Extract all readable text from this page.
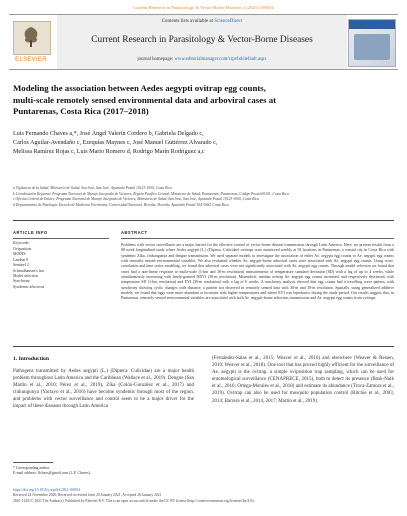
Current Research in Parasitology & Vector-Borne Diseases 1 (2021) 100014
ELSEVIER
Contents lists available at ScienceDirect
Current Research in Parasitology & Vector-Borne Diseases
journal homepage: www.editorialmanager.com/crpvbd/default.aspx
Modeling the association between Aedes aegypti ovitrap egg counts,
multi-scale remotely sensed environmental data and arboviral cases at
Puntarenas, Costa Rica (2017–2018)
Luis Fernando Chaves a,*, José Ángel Valerín Cordero b, Gabriela Delgado c,
Carlos Aguilar-Avendaño c, Ezequías Maynes c, José Manuel Gutiérrez Alvarado c,
Melissa Ramírez Rojas c, Luis Mario Romero d, Rodrigo Marín Rodríguez a,c
a Vigilancia de la Salud, Ministerio de Salud, San José, San José, Apartado Postal 10123-1000, Costa Rica
b Coordinación Regional, Programa Nacional de Manejo Integrado de Vectores, Región Pacífico Central, Ministerio de Salud, Puntarenas, Puntarenas, Código Postal 60101, Costa Rica
c Oficina Central de Enlace, Programa Nacional de Manejo Integrado de Vectores, Ministerio de Salud, San José, San José, Apartado Postal 10123-1000, Costa Rica
d Departamento de Patología, Escuela de Medicina Veterinaria, Universidad Nacional, Heredia, Heredia, Apartado Postal 304-3000, Costa Rica
ARTICLE INFO
Keywords:
Oviposition
MODIS
Landsat 8
Sentinel 2
Schmalhausen's law
Model selection
Synchrony
Syndemic arbovirus
ABSTRACT
Problems with vector surveillance are a major barrier for the effective control of vector-borne disease transmission through Latin America. Here, we present results from a 80-week longitudinal study where Aedes aegypti (L.) (Diptera: Culicidae) ovitraps were monitored weekly at 92 locations in Puntarenas, a coastal city in Costa Rica with syndemic Zika, chikungunya and dengue transmission. We used separate models to investigate the association of either Ae. aegypti egg counts or Ae. aegypti egg counts with remotely sensed environmental variables. We also evaluated whether Ae. aegypti-borne arboviral cases were associated with Ae. aegypti egg counts. Using cross-correlation and time series modeling, we found that arboviral cases were not significantly associated with Ae. aegypti egg counts. Through model selection we found that cases had a non-linear response to multi-scale (1-km and 30-m resolution) measurements of temperature standard deviation (SD) with a lag of up to 4 weeks, while simultaneously increasing with finely-grained NDVI (30-m resolution). Meanwhile, median ovitrap Ae. aegypti egg counts increased, and respectively decreased, with temperature SD (1-km resolution) and EVI (30-m resolution) with a lag of 6 weeks. A synchrony analysis showed that egg counts had a travelling wave pattern, with synchrony showing cyclic changes with distance, a pattern not observed in remotely sensed data with 30-m and 10-m resolution. Spatially, using generalized additive models, we found that eggs were more abundant at locations with higher temperatures and where EVI was leptokurtic during the study period. Our results suggest that, in Puntarenas, remotely sensed environmental variables are associated with both Ae. aegypti-borne arbovirus transmission and Ae. aegypti egg counts from ovitraps.
1. Introduction
Pathogens transmitted by Aedes aegypti (L.) (Diptera: Culicidae) are a major health problem throughout Latin America and the Caribbean (Wallace et al., 2019). Dengue (San Martín et al., 2010; Pérez et al., 2019), Zika (Colón-González et al., 2017) and chikungunya (Yactayo et al., 2016) have become syndemic through most of the region, and problems with vector surveillance and control seem to be a major driver for the impact of these diseases through Latin America
(Fernández-Salas et al., 2015; Weaver et al., 2016) and elsewhere (Weaver & Reisen, 2010; Weaver et al., 2018). One tool that has proved highly efficient for the surveillance of Ae. aegypti is the ovitrap, a simple oviposition trap sampling, which can be used for entomological surveillance (CENAPRECE, 2015), both to detect its presence (Bosk-Naik et al., 2016; Ortega-Morales et al., 2018) and estimate its abundance (Troca-Zamora et al., 2019). Ovitrap can also be used for mosquito population control (Ritchie et al., 2003, 2014; Barrera et al., 2014, 2017; Martin et al., 2019).
* Corresponding author.
E-mail address: lfchavs@gmail.com (L.F. Chaves).
https://doi.org/10.1016/j.crpvbd.2021.100014
Received 24 November 2020; Received in revised form 20 January 2021; Accepted 26 January 2021
2667-114X/© 2021 The Author(s). Published by Elsevier B.V. This is an open access article under the CC BY license (http://creativecommons.org/licenses/by/4.0/).
